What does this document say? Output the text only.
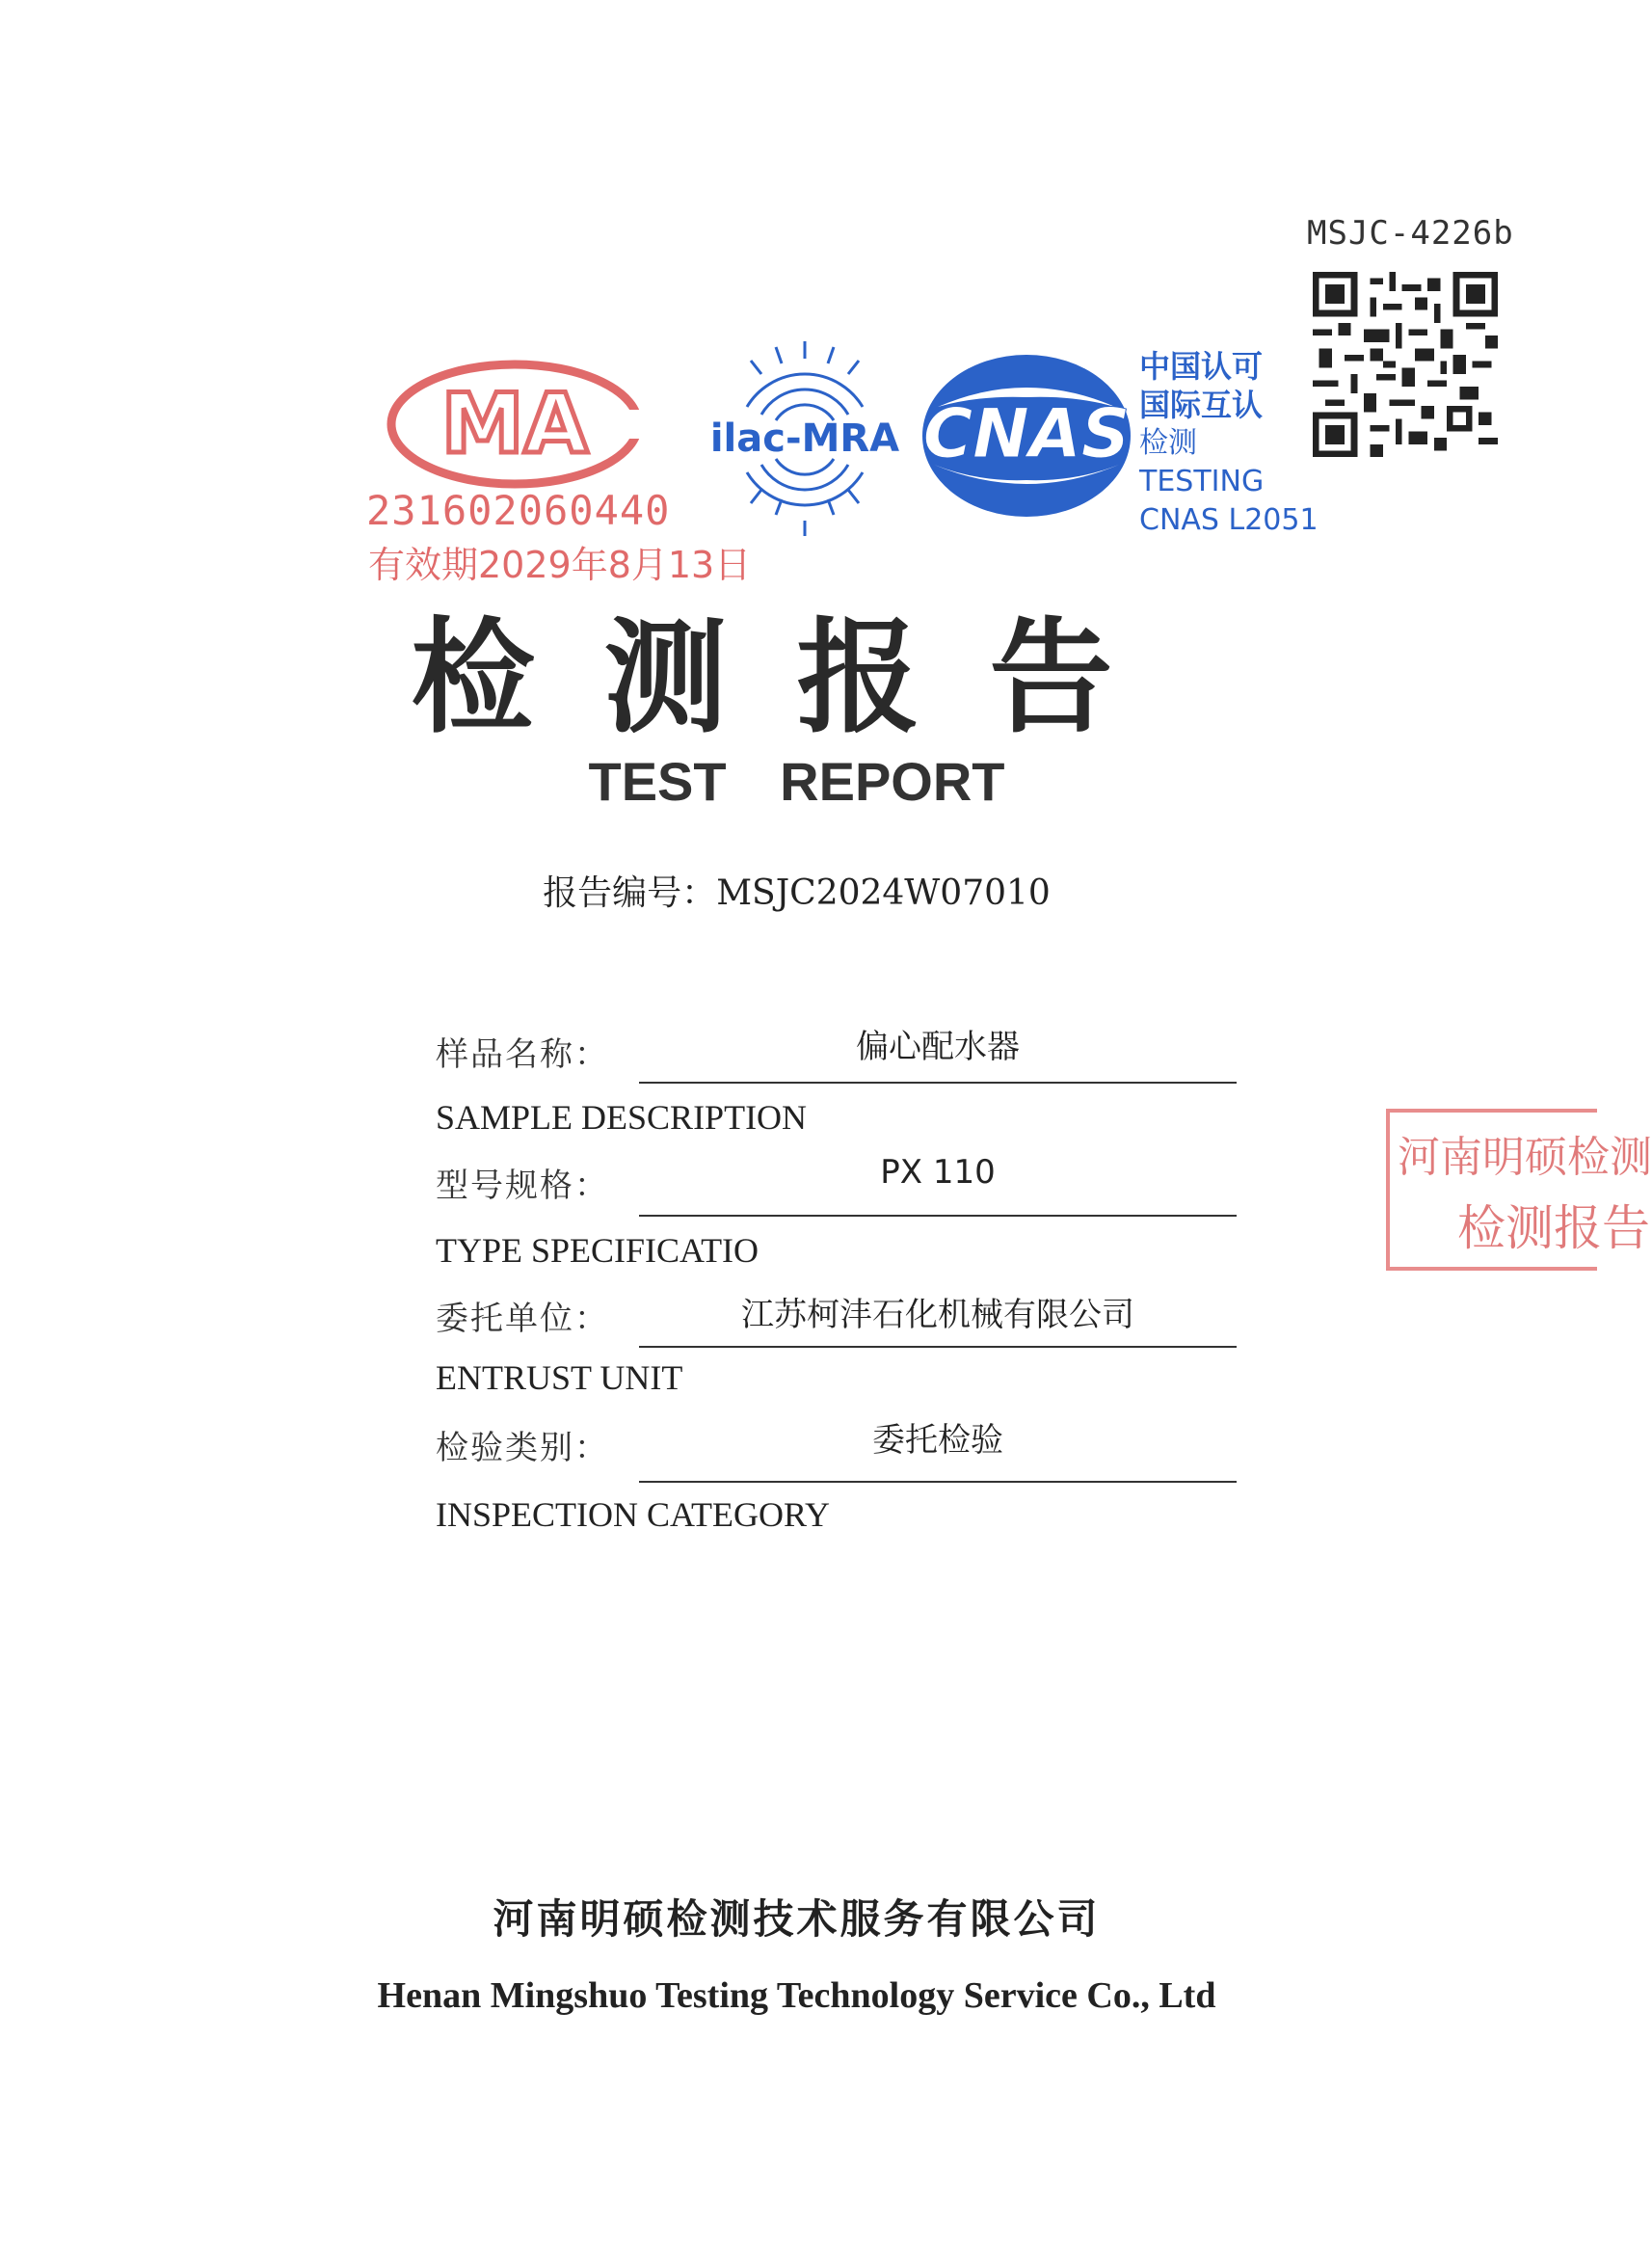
MSJC-4226b
MA
231602060440
有效期2029年8月13日
ilac-MRA CNAS
中国认可
国际互认
检测
TESTING
CNAS L2051
检测报告
TEST REPORT
报告编号：MSJC2024W07010
样品名称：	偏心配水器
SAMPLE DESCRIPTION
型号规格：	PX 110
TYPE SPECIFICATIO
委托单位：	江苏柯沣石化机械有限公司
ENTRUST UNIT
检验类别：	委托检验
INSPECTION CATEGORY
河南明硕检测
检测报告
河南明硕检测技术服务有限公司
Henan Mingshuo Testing Technology Service Co., Ltd
